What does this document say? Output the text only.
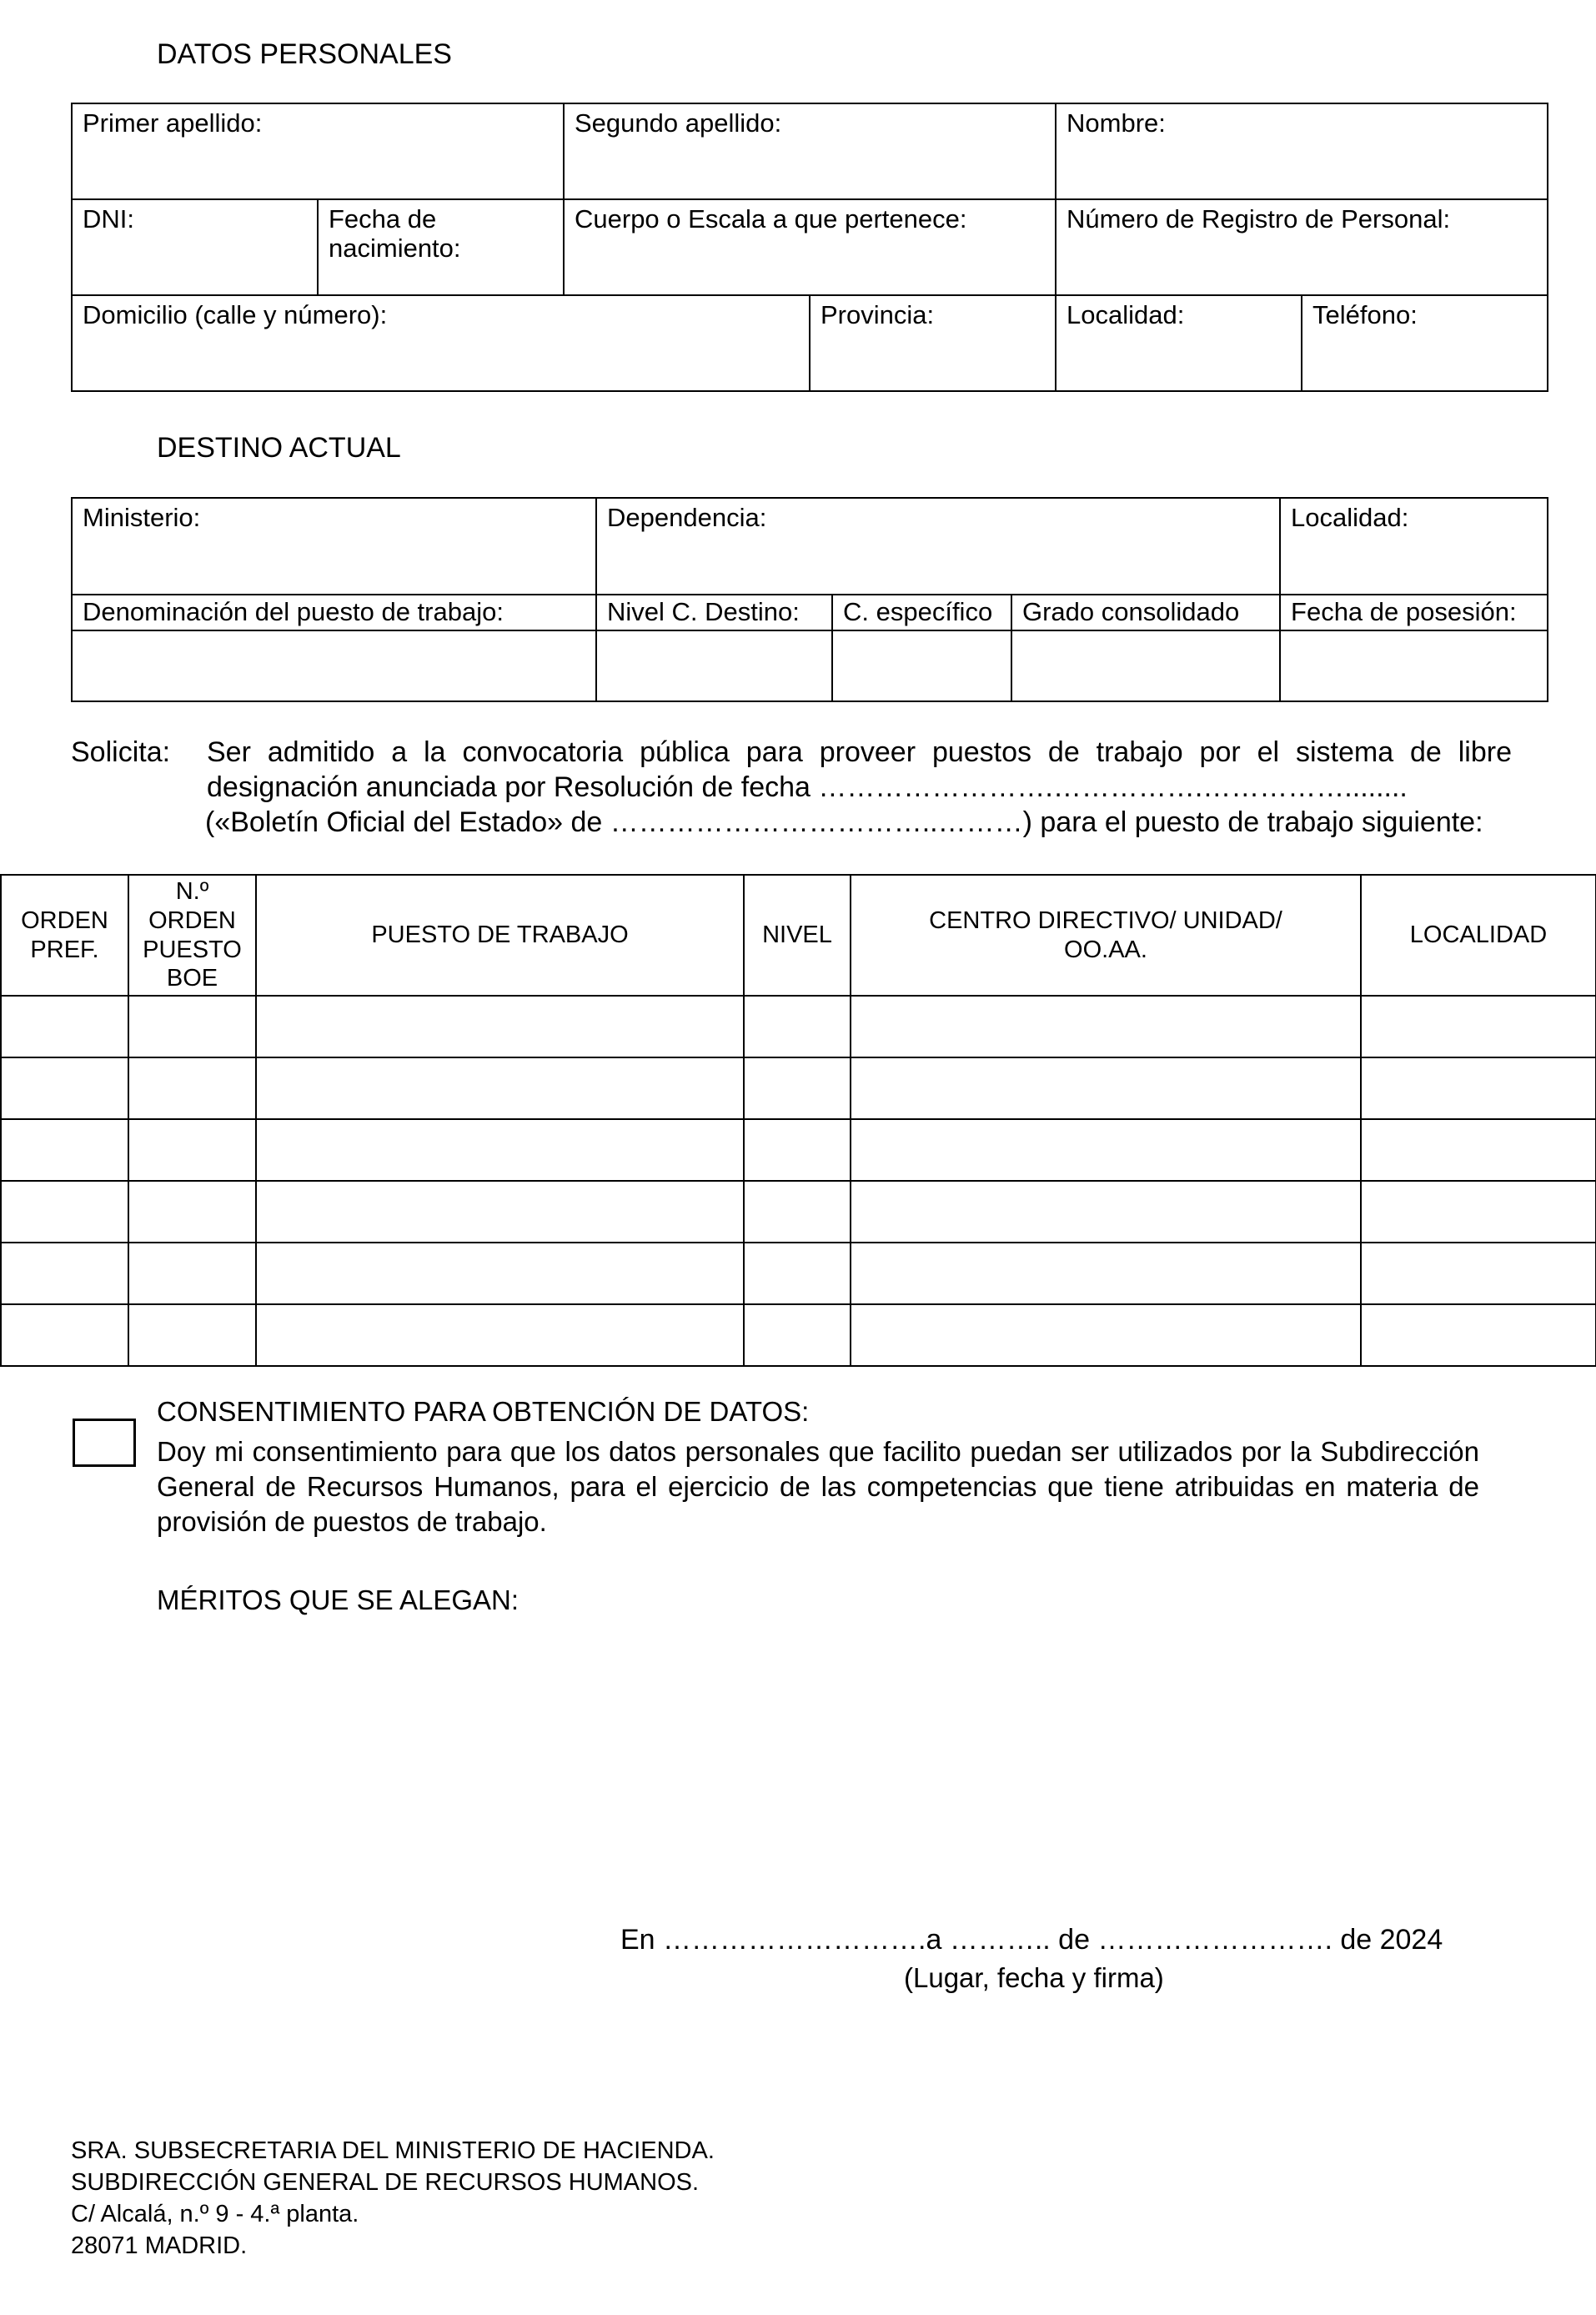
DATOS PERSONALES
Primer apellido:		Segundo apellido:		Nombre:	
DNI:	Fecha de nacimiento:	Cuerpo o Escala a que pertenece:		Número de Registro de Personal:	
Domicilio (calle y número):			Provincia:	Localidad:	Teléfono:
DESTINO ACTUAL
Ministerio:	Dependencia:			Localidad:
Denominación del puesto de trabajo:	Nivel C. Destino:	C. específico	Grado consolidado	Fecha de posesión:

Solicita: Ser admitido a la convocatoria pública para proveer puestos de trabajo por el sistema de libre
designación anunciada por Resolución de fecha …………………….…………….……………........
(«Boletín Oficial del Estado» de ……………………………..………) para el puesto de trabajo siguiente:
ORDEN PREF.	N.º ORDEN PUESTO BOE	PUESTO DE TRABAJO	NIVEL	CENTRO DIRECTIVO/ UNIDAD/ OO.AA.	LOCALIDAD

CONSENTIMIENTO PARA OBTENCIÓN DE DATOS:
Doy mi consentimiento para que los datos personales que facilito puedan ser utilizados por la Subdirección General de Recursos Humanos, para el ejercicio de las competencias que tiene atribuidas en materia de provisión de puestos de trabajo.
MÉRITOS QUE SE ALEGAN:
En ……………………….a ……….. de ……………………. de 2024
(Lugar, fecha y firma)
SRA. SUBSECRETARIA DEL MINISTERIO DE HACIENDA.
SUBDIRECCIÓN GENERAL DE RECURSOS HUMANOS.
C/ Alcalá, n.º 9 - 4.ª planta.
28071 MADRID.
